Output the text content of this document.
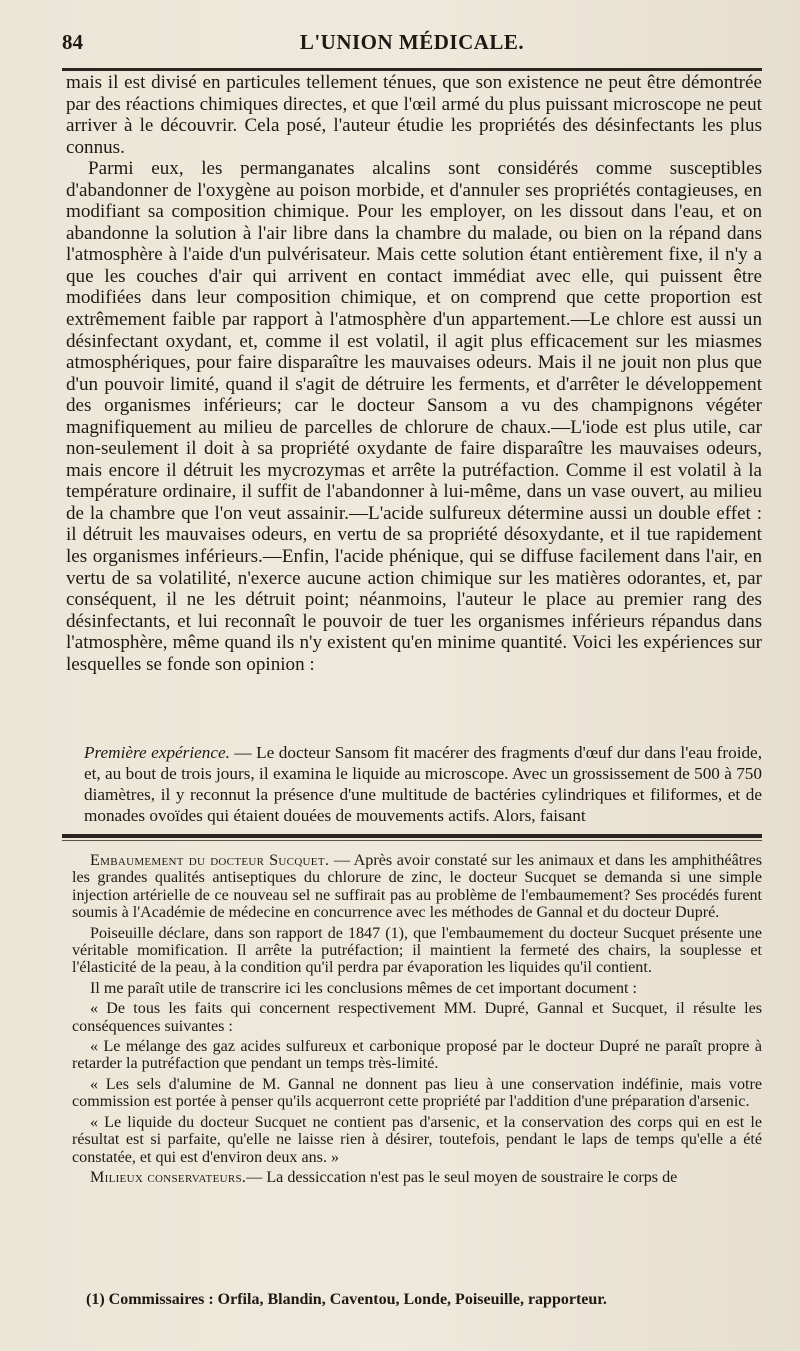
84	L'UNION MÉDICALE.

mais il est divisé en particules tellement ténues, que son existence ne peut être démontrée par des réactions chimiques directes, et que l'œil armé du plus puissant microscope ne peut arriver à le découvrir. Cela posé, l'auteur étudie les propriétés des désinfectants les plus connus.

Parmi eux, les permanganates alcalins sont considérés comme susceptibles d'abandonner de l'oxygène au poison morbide, et d'annuler ses propriétés contagieuses, en modifiant sa composition chimique. Pour les employer, on les dissout dans l'eau, et on abandonne la solution à l'air libre dans la chambre du malade, ou bien on la répand dans l'atmosphère à l'aide d'un pulvérisateur. Mais cette solution étant entièrement fixe, il n'y a que les couches d'air qui arrivent en contact immédiat avec elle, qui puissent être modifiées dans leur composition chimique, et on comprend que cette proportion est extrêmement faible par rapport à l'atmosphère d'un appartement.—Le chlore est aussi un désinfectant oxydant, et, comme il est volatil, il agit plus efficacement sur les miasmes atmosphériques, pour faire disparaître les mauvaises odeurs. Mais il ne jouit non plus que d'un pouvoir limité, quand il s'agit de détruire les ferments, et d'arrêter le développement des organismes inférieurs; car le docteur Sansom a vu des champignons végéter magnifiquement au milieu de parcelles de chlorure de chaux.—L'iode est plus utile, car non-seulement il doit à sa propriété oxydante de faire disparaître les mauvaises odeurs, mais encore il détruit les mycrozymas et arrête la putréfaction. Comme il est volatil à la température ordinaire, il suffit de l'abandonner à lui-même, dans un vase ouvert, au milieu de la chambre que l'on veut assainir.—L'acide sulfureux détermine aussi un double effet : il détruit les mauvaises odeurs, en vertu de sa propriété désoxydante, et il tue rapidement les organismes inférieurs.—Enfin, l'acide phénique, qui se diffuse facilement dans l'air, en vertu de sa volatilité, n'exerce aucune action chimique sur les matières odorantes, et, par conséquent, il ne les détruit point; néanmoins, l'auteur le place au premier rang des désinfectants, et lui reconnaît le pouvoir de tuer les organismes inférieurs répandus dans l'atmosphère, même quand ils n'y existent qu'en minime quantité. Voici les expériences sur lesquelles se fonde son opinion :

Première expérience. — Le docteur Sansom fit macérer des fragments d'œuf dur dans l'eau froide, et, au bout de trois jours, il examina le liquide au microscope. Avec un grossissement de 500 à 750 diamètres, il y reconnut la présence d'une multitude de bactéries cylindriques et filiformes, et de monades ovoïdes qui étaient douées de mouvements actifs. Alors, faisant

Embaumement du docteur Sucquet. — Après avoir constaté sur les animaux et dans les amphithéâtres les grandes qualités antiseptiques du chlorure de zinc, le docteur Sucquet se demanda si une simple injection artérielle de ce nouveau sel ne suffirait pas au problème de l'embaumement? Ses procédés furent soumis à l'Académie de médecine en concurrence avec les méthodes de Gannal et du docteur Dupré.

Poiseuille déclare, dans son rapport de 1847 (1), que l'embaumement du docteur Sucquet présente une véritable momification. Il arrête la putréfaction; il maintient la fermeté des chairs, la souplesse et l'élasticité de la peau, à la condition qu'il perdra par évaporation les liquides qu'il contient.

Il me paraît utile de transcrire ici les conclusions mêmes de cet important document :

« De tous les faits qui concernent respectivement MM. Dupré, Gannal et Sucquet, il résulte les conséquences suivantes :

« Le mélange des gaz acides sulfureux et carbonique proposé par le docteur Dupré ne paraît propre à retarder la putréfaction que pendant un temps très-limité.

« Les sels d'alumine de M. Gannal ne donnent pas lieu à une conservation indéfinie, mais votre commission est portée à penser qu'ils acquerront cette propriété par l'addition d'une préparation d'arsenic.

« Le liquide du docteur Sucquet ne contient pas d'arsenic, et la conservation des corps qui en est le résultat est si parfaite, qu'elle ne laisse rien à désirer, toutefois, pendant le laps de temps qu'elle a été constatée, et qui est d'environ deux ans. »

Milieux conservateurs.— La dessiccation n'est pas le seul moyen de soustraire le corps de

(1) Commissaires : Orfila, Blandin, Caventou, Londe, Poiseuille, rapporteur.
